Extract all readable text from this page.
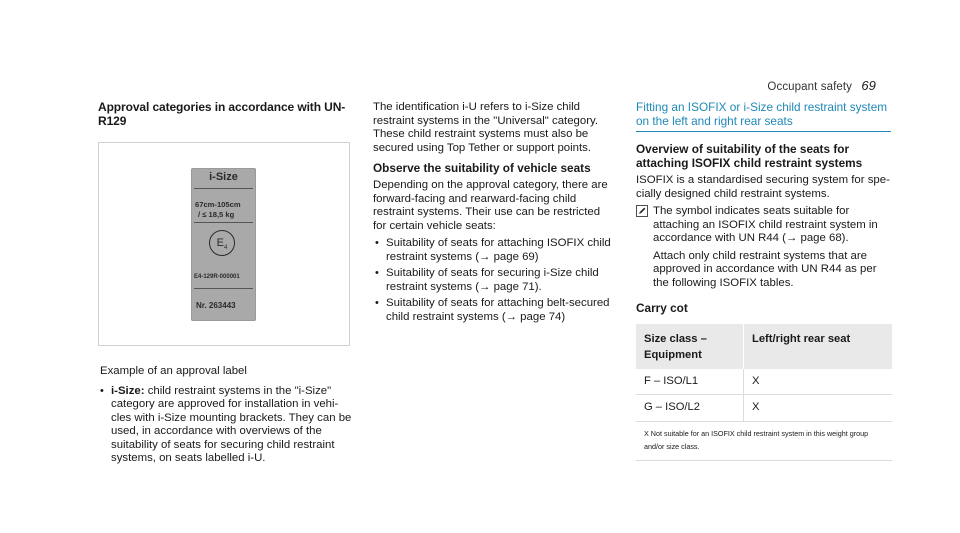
Occupant safety 69
Approval categories in accordance with UN-R129
i-Size
67cm-105cm
/ ≤ 18,5 kg
$E_4$
E4-129R-000001
Nr. 263443

Example of an approval label

• i-Size: child restraint systems in the "i-Size" category are approved for installation in vehicles with i-Size mounting brackets. They can be used, in accordance with overviews of the suitability of seats for securing child restraint systems, on seats labelled i-U.

The identification i-U refers to i-Size child restraint systems in the "Universal" category. These child restraint systems must also be secured using Top Tether or support points.

Observe the suitability of vehicle seats

Depending on the approval category, there are forward-facing and rearward-facing child restraint systems. Their use can be restricted for certain vehicle seats:

• Suitability of seats for attaching ISOFIX child restraint systems (→ page 69)
• Suitability of seats for securing i-Size child restraint systems (→ page 71).
• Suitability of seats for attaching belt-secured child restraint systems (→ page 74)
Fitting an ISOFIX or i-Size child restraint system on the left and right rear seats
Overview of suitability of the seats for attaching ISOFIX child restraint systems

ISOFIX is a standardised securing system for specially designed child restraint systems.

The symbol indicates seats suitable for attaching an ISOFIX child restraint system in accordance with UN R44 (→ page 68).

Attach only child restraint systems that are approved in accordance with UN R44 as per the following ISOFIX tables.

Carry cot
Size class – Equipment	Left/right rear seat
F – ISO/L1	X
G – ISO/L2	X
X Not suitable for an ISOFIX child restraint system in this weight group and/or size class.	
